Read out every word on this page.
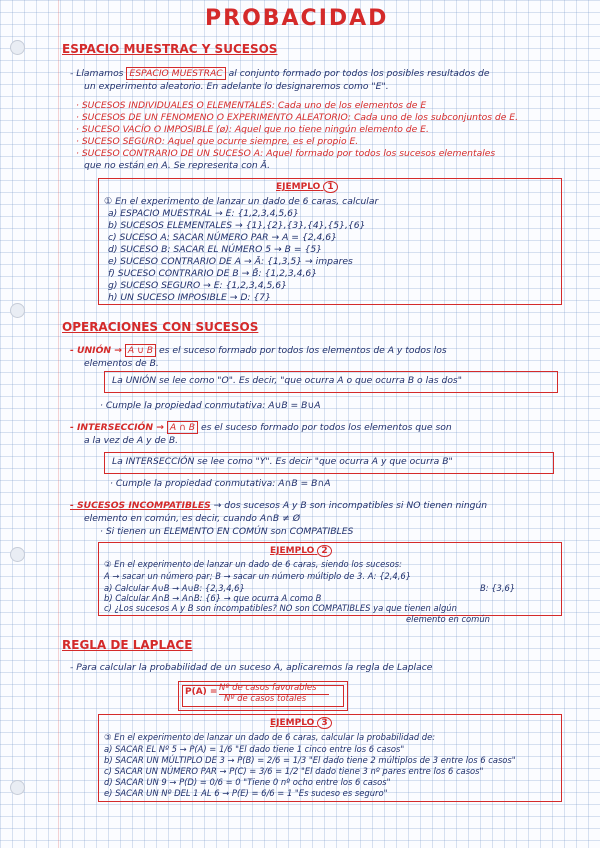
PROBACIDAD
ESPACIO MUESTRAC Y SUCESOS
- Llamamos ESPACIO MUESTRAC al conjunto formado por todos los posibles resultados de
un experimento aleatorio. En adelante lo designaremos como "E".
· SUCESOS INDIVIDUALES O ELEMENTALES: Cada uno de los elementos de E
· SUCESOS DE UN FENOMENO O EXPERIMENTO ALEATORIO: Cada uno de los subconjuntos de E.
· SUCESO VACÍO O IMPOSIBLE (ø): Aquel que no tiene ningún elemento de E.
· SUCESO SEGURO: Aquel que ocurre siempre, es el propio E.
· SUCESO CONTRARIO DE UN SUCESO A: Aquel formado por todos los sucesos elementales
que no están en A. Se representa con Ā.
EJEMPLO 1
① En el experimento de lanzar un dado de 6 caras, calcular
a) ESPACIO MUESTRAL → E: {1,2,3,4,5,6}
b) SUCESOS ELEMENTALES → {1},{2},{3},{4},{5},{6}
c) SUCESO A: SACAR NÚMERO PAR → A = {2,4,6}
d) SUCESO B: SACAR EL NÚMERO 5 → B = {5}
e) SUCESO CONTRARIO DE A → Ā: {1,3,5} → impares
f) SUCESO CONTRARIO DE B → B̄: {1,2,3,4,6}
g) SUCESO SEGURO → E: {1,2,3,4,5,6}
h) UN SUCESO IMPOSIBLE → D: {7}
OPERACIONES CON SUCESOS
- UNIÓN → A ∪ B es el suceso formado por todos los elementos de A y todos los
elementos de B.
La UNIÓN se lee como "O". Es decir, "que ocurra A o que ocurra B o las dos"
· Cumple la propiedad conmutativa: A∪B = B∪A
- INTERSECCIÓN → A ∩ B es el suceso formado por todos los elementos que son
a la vez de A y de B.
La INTERSECCIÓN se lee como "Y". Es decir "que ocurra A y que ocurra B"
· Cumple la propiedad conmutativa: A∩B = B∩A
- SUCESOS INCOMPATIBLES → dos sucesos A y B son incompatibles si NO tienen ningún
elemento en común, es decir, cuando A∩B ≠ Ø
· Si tienen un ELEMENTO EN COMÚN son COMPATIBLES
EJEMPLO 2
② En el experimento de lanzar un dado de 6 caras, siendo los sucesos:
A → sacar un número par; B → sacar un número múltiplo de 3. A: {2,4,6}
B: {3,6}
a) Calcular A∪B → A∪B: {2,3,4,6}
b) Calcular A∩B → A∩B: {6} → que ocurra A como B
c) ¿Los sucesos A y B son incompatibles? NO son COMPATIBLES ya que tienen algún
elemento en común
REGLA DE LAPLACE
- Para calcular la probabilidad de un suceso A, aplicaremos la regla de Laplace
P(A) = Nº de casos favorables
Nº de casos totales
EJEMPLO 3
③ En el experimento de lanzar un dado de 6 caras, calcular la probabilidad de:
a) SACAR EL Nº 5 → P(A) = 1/6 "El dado tiene 1 cinco entre los 6 casos"
b) SACAR UN MÚLTIPLO DE 3 → P(B) = 2/6 = 1/3 "El dado tiene 2 múltiplos de 3 entre los 6 casos"
c) SACAR UN NÚMERO PAR → P(C) = 3/6 = 1/2 "El dado tiene 3 nº pares entre los 6 casos"
d) SACAR UN 9 → P(D) = 0/6 = 0 "Tiene 0 nº ocho entre los 6 casos"
e) SACAR UN Nº DEL 1 AL 6 → P(E) = 6/6 = 1 "Es suceso es seguro"
